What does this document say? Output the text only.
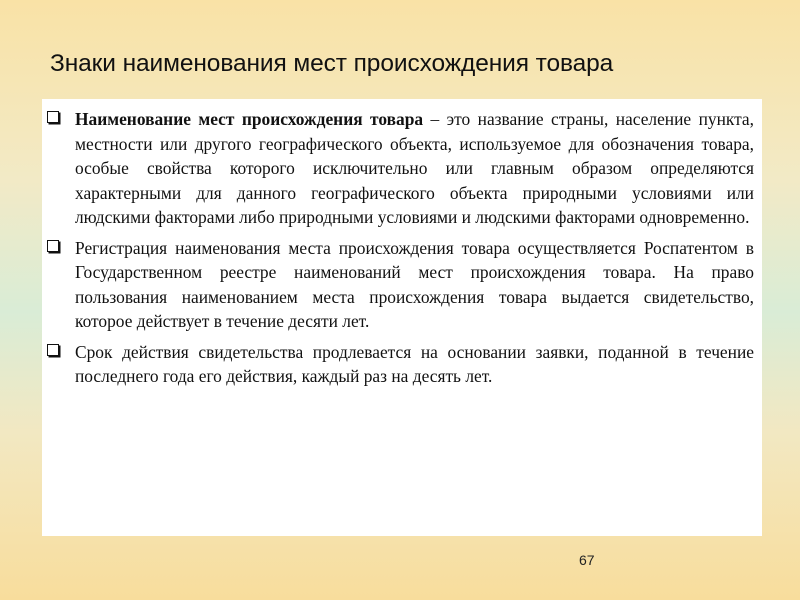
Знаки наименования мест происхождения товара
Наименование мест происхождения товара – это название страны, население пункта, местности или другого географического объекта, используемое для обозначения товара, особые свойства которого исключительно или главным образом определяются характерными для данного географического объекта природными условиями или людскими факторами либо природными условиями и людскими факторами одновременно.
Регистрация наименования места происхождения товара осуществляется Роспатентом в Государственном реестре наименований мест происхождения товара. На право пользования наименованием места происхождения товара выдается свидетельство, которое действует в течение десяти лет.
Срок действия свидетельства продлевается на основании заявки, поданной в течение последнего года его действия, каждый раз на десять лет.
67
